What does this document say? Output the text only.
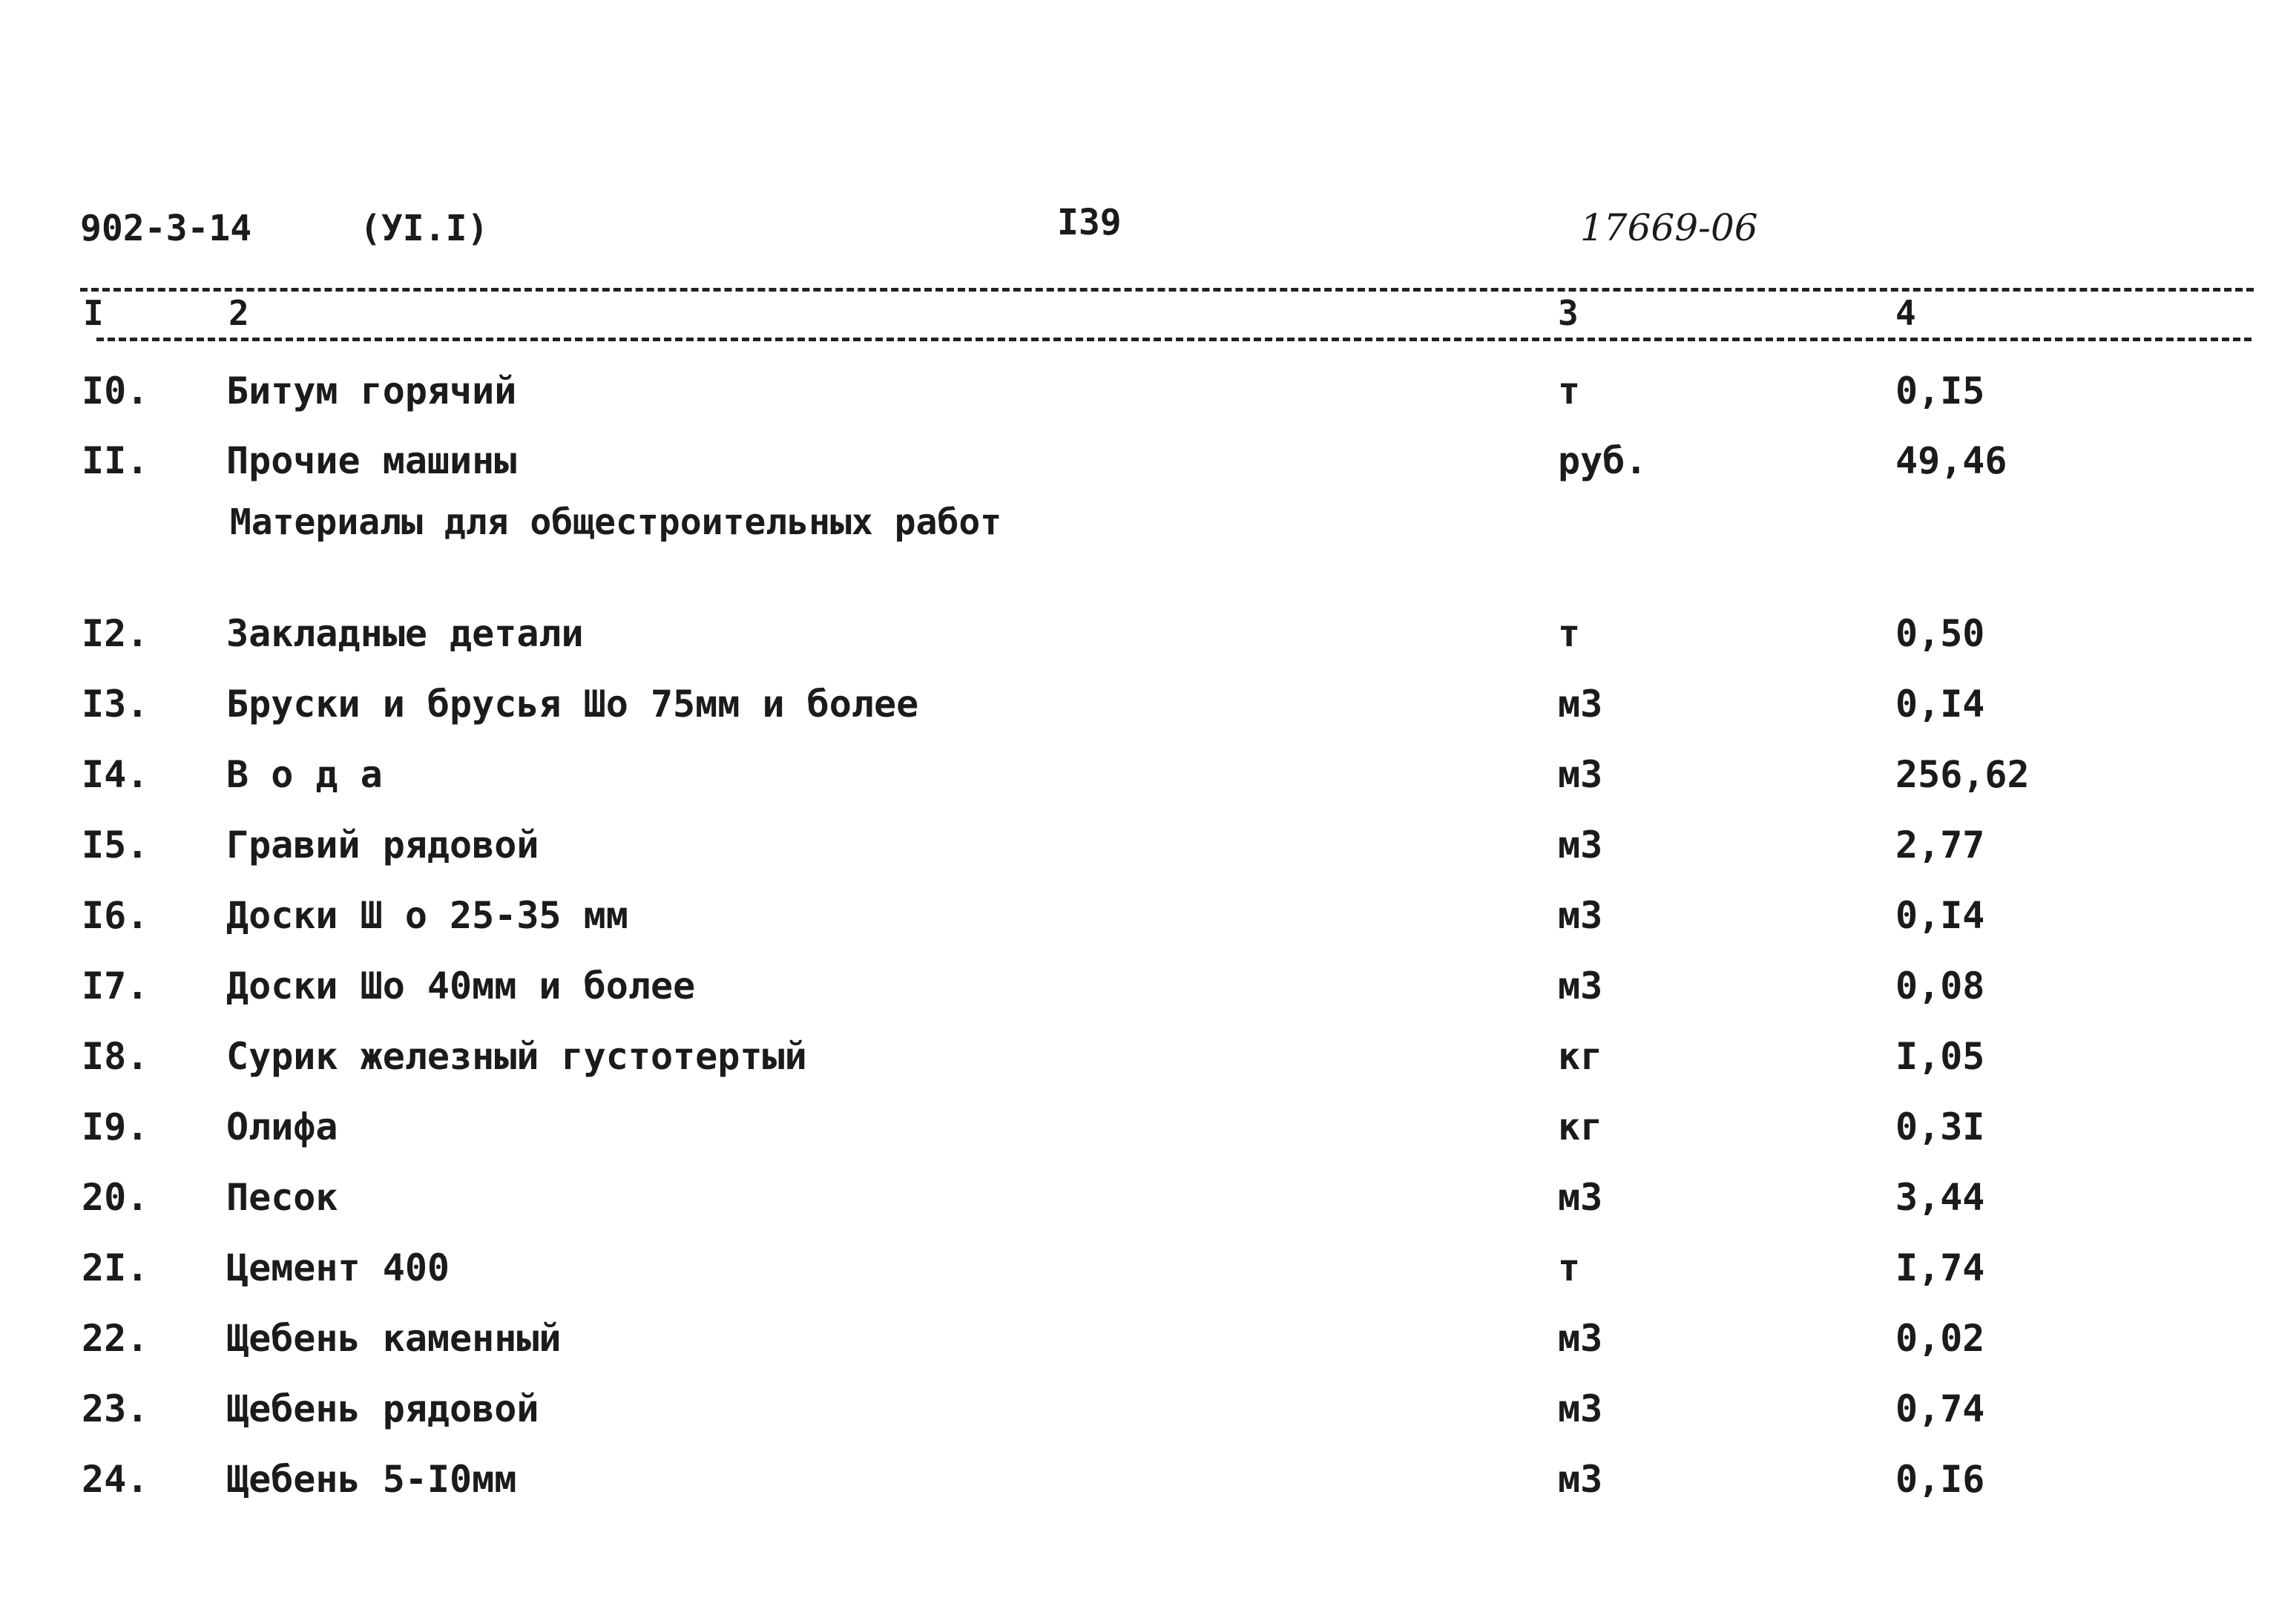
902-3-14	(УI.I)	I39	17669-06
I	2	3	4
I0. Битум горячий	т	0,I5
II. Прочие машины	руб.	49,46
Материалы для общестроительных работ
I2. Закладные детали	т	0,50
I3. Бруски и брусья Шо 75мм и более	м3	0,I4
I4. В о д а	м3	256,62
I5. Гравий рядовой	м3	2,77
I6. Доски Ш о 25-35 мм	м3	0,I4
I7. Доски Шо 40мм и более	м3	0,08
I8. Сурик железный густотертый	кг	I,05
I9. Олифа	кг	0,3I
20. Песок	м3	3,44
2I. Цемент 400	т	I,74
22. Щебень каменный	м3	0,02
23. Щебень рядовой	м3	0,74
24. Щебень 5-I0мм	м3	0,I6
